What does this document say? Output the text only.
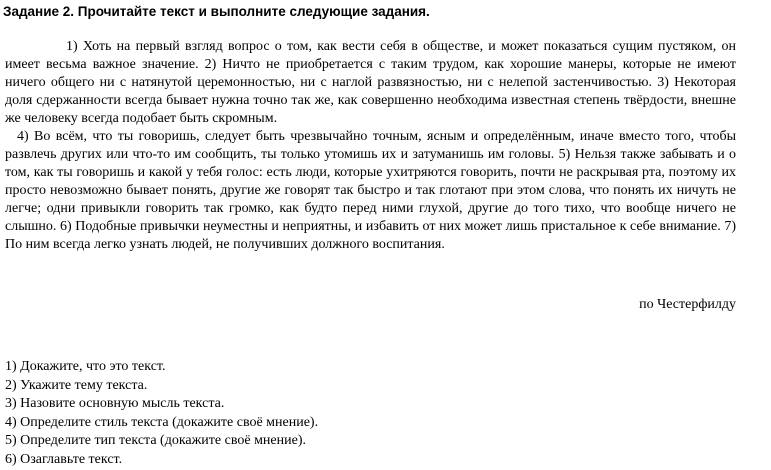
Задание 2. Прочитайте текст и выполните следующие задания.

1) Хоть на первый взгляд вопрос о том, как вести себя в обществе, и может показаться сущим пустяком, он имеет весьма важное значение. 2) Ничто не приобретается с таким трудом, как хорошие манеры, которые не имеют ничего общего ни с натянутой церемонностью, ни с наглой развязностью, ни с нелепой застенчивостью. 3) Некоторая доля сдержанности всегда бывает нужна точно так же, как совершенно необходима известная степень твёрдости, внешне же человеку всегда подобает быть скромным.

4) Во всём, что ты говоришь, следует быть чрезвычайно точным, ясным и определённым, иначе вместо того, чтобы развлечь других или что-то им сообщить, ты только утомишь их и затуманишь им головы. 5) Нельзя также забывать и о том, как ты говоришь и какой у тебя голос: есть люди, которые ухитряются говорить, почти не раскрывая рта, поэтому их просто невозможно бывает понять, другие же говорят так быстро и так глотают при этом слова, что понять их ничуть не легче; одни привыкли говорить так громко, как будто перед ними глухой, другие до того тихо, что вообще ничего не слышно. 6) Подобные привычки неуместны и неприятны, и избавить от них может лишь пристальное к себе внимание. 7) По ним всегда легко узнать людей, не получивших должного воспитания.

по Честерфилду
1) Докажите, что это текст.
2) Укажите тему текста.
3) Назовите основную мысль текста.
4) Определите стиль текста (докажите своё мнение).
5) Определите тип текста (докажите своё мнение).
6) Озаглавьте текст.
